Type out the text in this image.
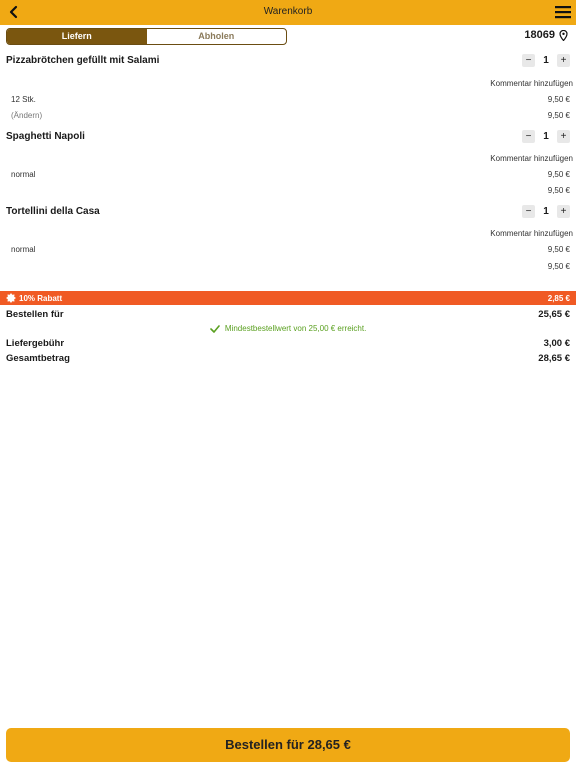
Warenkorb
Liefern	Abholen	18069
Pizzabrötchen gefüllt mit Salami	−	1	+
Kommentar hinzufügen
12 Stk.	9,50 €
(Ändern)	9,50 €
Spaghetti Napoli	−	1	+
Kommentar hinzufügen
normal	9,50 €
9,50 €
Tortellini della Casa	−	1	+
Kommentar hinzufügen
normal	9,50 €
9,50 €
10% Rabatt	2,85 €
Bestellen für	25,65 €
Mindestbestellwert von 25,00 € erreicht.
Liefergebühr	3,00 €
Gesamtbetrag	28,65 €
Bestellen für 28,65 €
